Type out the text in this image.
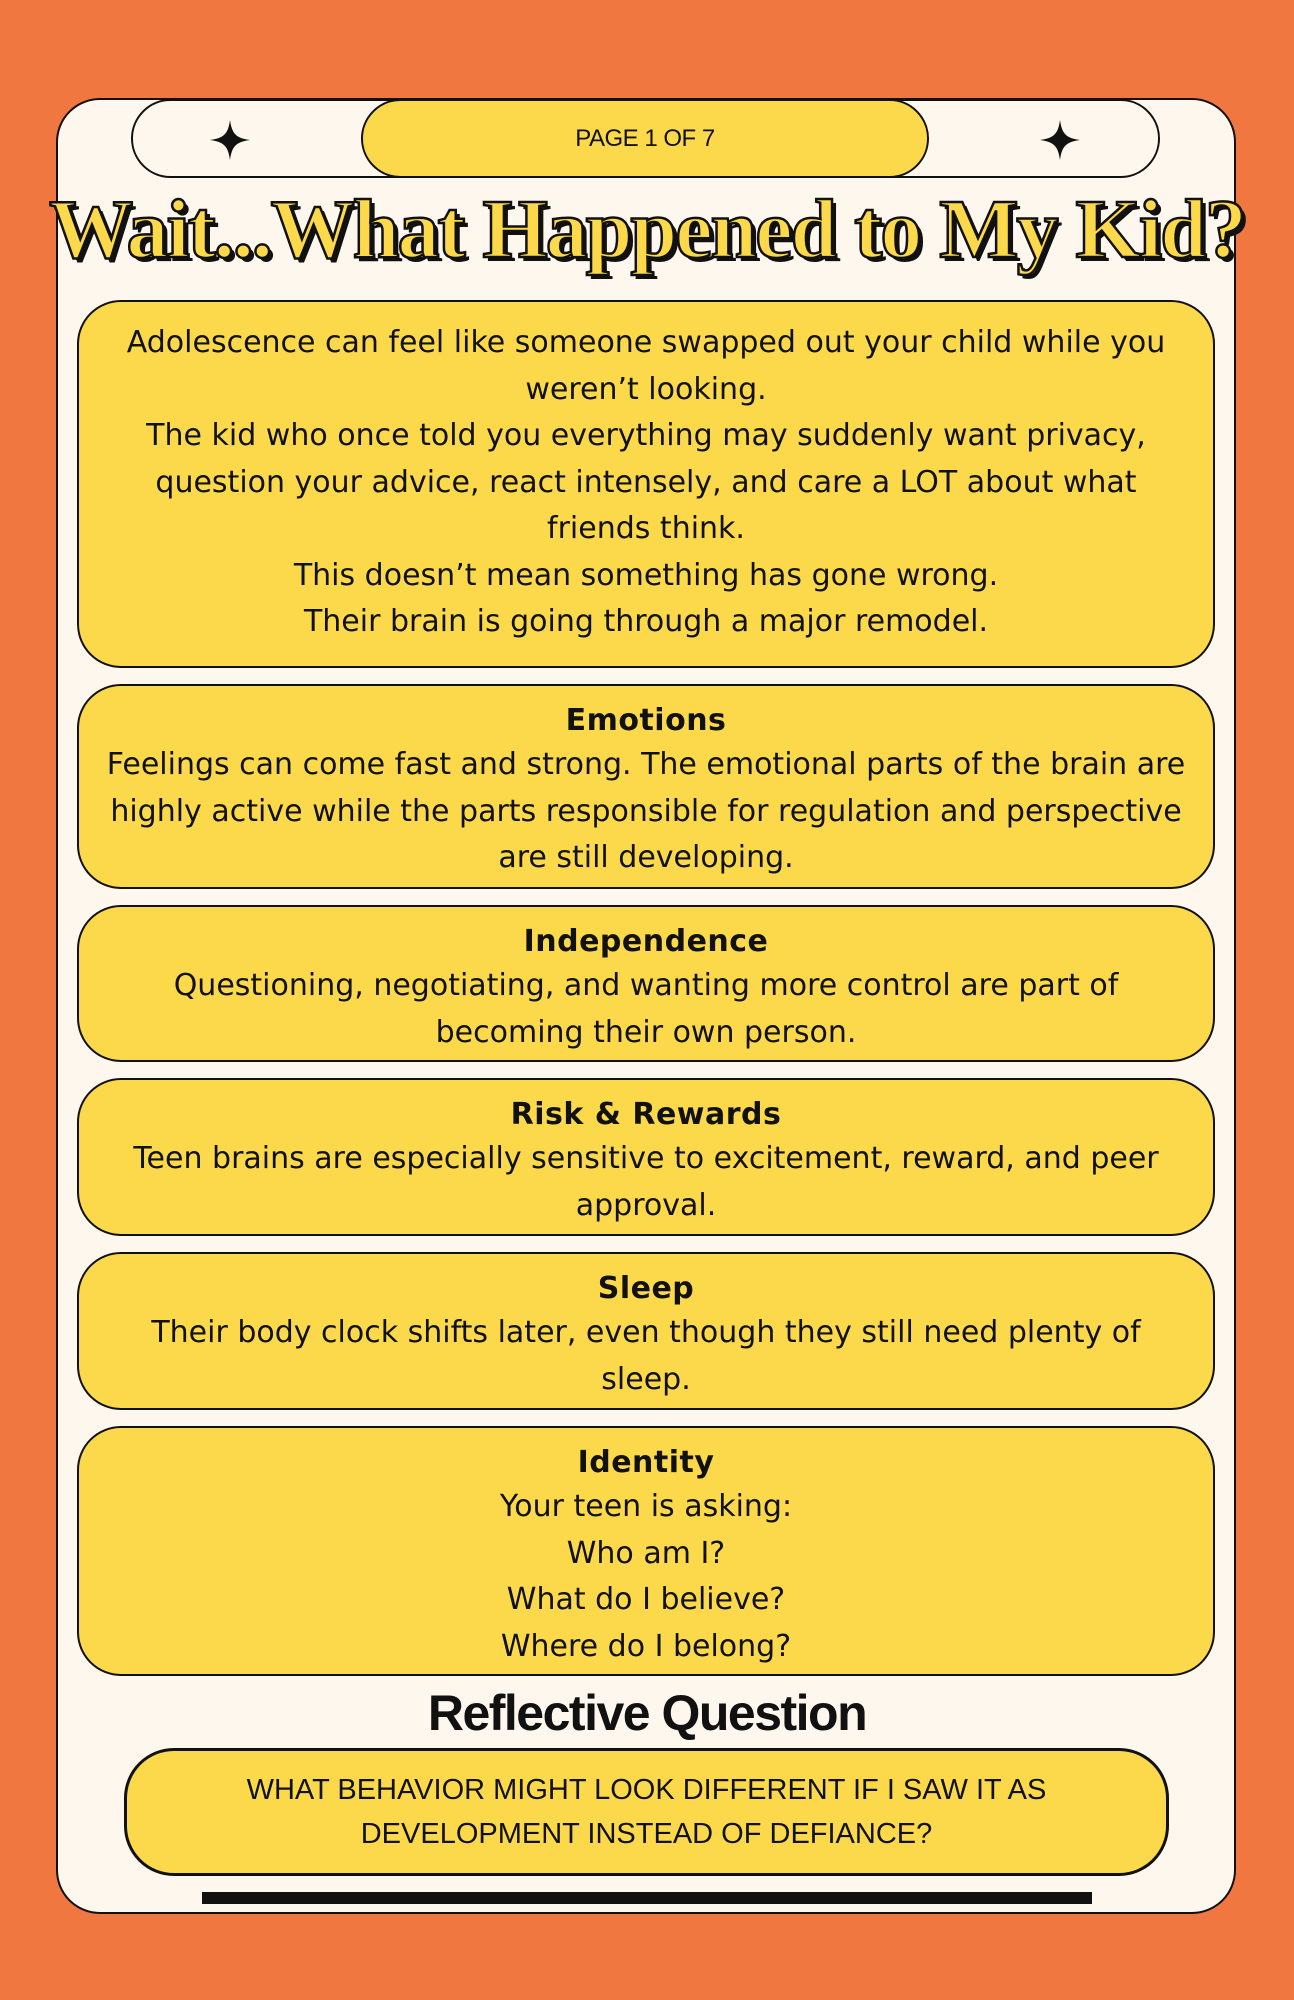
PAGE 1 OF 7
Wait...What Happened to My Kid?
Adolescence can feel like someone swapped out your child while you
weren’t looking.
The kid who once told you everything may suddenly want privacy,
question your advice, react intensely, and care a LOT about what
friends think.
This doesn’t mean something has gone wrong.
Their brain is going through a major remodel.
Emotions
Feelings can come fast and strong. The emotional parts of the brain are
highly active while the parts responsible for regulation and perspective
are still developing.
Independence
Questioning, negotiating, and wanting more control are part of
becoming their own person.
Risk & Rewards
Teen brains are especially sensitive to excitement, reward, and peer
approval.
Sleep
Their body clock shifts later, even though they still need plenty of
sleep.
Identity
Your teen is asking:
Who am I?
What do I believe?
Where do I belong?
Reflective Question
WHAT BEHAVIOR MIGHT LOOK DIFFERENT IF I SAW IT AS
DEVELOPMENT INSTEAD OF DEFIANCE?
